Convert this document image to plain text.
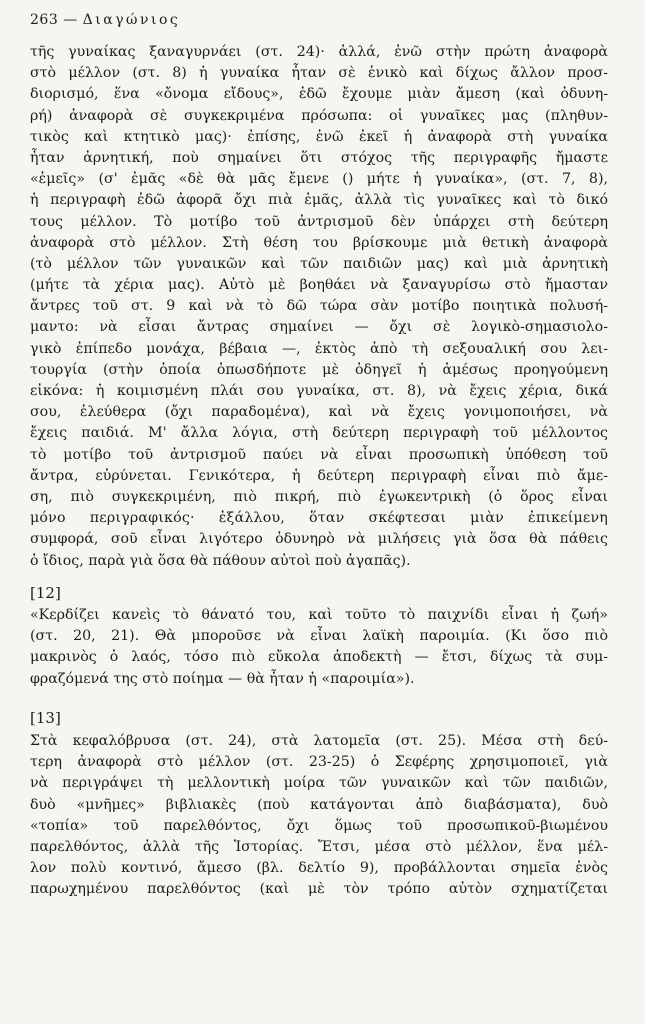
263 — Διαγώνιος
τῆς γυναίκας ξαναγυρνάει (στ. 24)· ἀλλά, ἐνῶ στὴν πρώτη ἀναφορὰ
στὸ μέλλον (στ. 8) ἡ γυναίκα ἦταν σὲ ἑνικὸ καὶ δίχως ἄλλον προσ-
διορισμό, ἕνα «ὄνομα εἴδους», ἐδῶ ἔχουμε μιὰν ἄμεση (καὶ ὀδυνη-
ρή) ἀναφορὰ σὲ συγκεκριμένα πρόσωπα: οἱ γυναῖκες μας (πληθυν-
τικὸς καὶ κτητικὸ μας)· ἐπίσης, ἐνῶ ἐκεῖ ἡ ἀναφορὰ στὴ γυναίκα
ἦταν ἀρνητική, ποὺ σημαίνει ὅτι στόχος τῆς περιγραφῆς ἤμαστε
«ἐμεῖς» (σ' ἐμᾶς «δὲ θὰ μᾶς ἔμενε () μήτε ἡ γυναίκα», (στ. 7, 8),
ἡ περιγραφὴ ἐδῶ ἀφορᾶ ὄχι πιὰ ἐμᾶς, ἀλλὰ τὶς γυναῖκες καὶ τὸ δικό
τους μέλλον. Τὸ μοτίβο τοῦ ἀντρισμοῦ δὲν ὑπάρχει στὴ δεύτερη
ἀναφορὰ στὸ μέλλον. Στὴ θέση του βρίσκουμε μιὰ θετικὴ ἀναφορὰ
(τὸ μέλλον τῶν γυναικῶν καὶ τῶν παιδιῶν μας) καὶ μιὰ ἀρνητικὴ
(μήτε τὰ χέρια μας). Αὐτὸ μὲ βοηθάει νὰ ξαναγυρίσω στὸ ἤμασταν
ἄντρες τοῦ στ. 9 καὶ νὰ τὸ δῶ τώρα σὰν μοτίβο ποιητικὰ πολυσή-
μαντο: νὰ εἶσαι ἄντρας σημαίνει — ὄχι σὲ λογικὸ-σημασιολο-
γικὸ ἐπίπεδο μονάχα, βέβαια —, ἐκτὸς ἀπὸ τὴ σεξουαλική σου λει-
τουργία (στὴν ὁποία ὁπωσδήποτε μὲ ὁδηγεῖ ἡ ἀμέσως προηγούμενη
εἰκόνα: ἡ κοιμισμένη πλάι σου γυναίκα, στ. 8), νὰ ἔχεις χέρια, δικά
σου, ἐλεύθερα (ὄχι παραδομένα), καὶ νὰ ἔχεις γονιμοποιήσει, νὰ
ἔχεις παιδιά. Μ' ἄλλα λόγια, στὴ δεύτερη περιγραφὴ τοῦ μέλλοντος
τὸ μοτίβο τοῦ ἀντρισμοῦ παύει νὰ εἶναι προσωπικὴ ὑπόθεση τοῦ
ἄντρα, εὐρύνεται. Γενικότερα, ἡ δεύτερη περιγραφὴ εἶναι πιὸ ἄμε-
ση, πιὸ συγκεκριμένη, πιὸ πικρή, πιὸ ἐγωκεντρικὴ (ὁ ὅρος εἶναι
μόνο περιγραφικός· ἐξάλλου, ὅταν σκέφτεσαι μιὰν ἐπικείμενη
συμφορά, σοῦ εἶναι λιγότερο ὀδυνηρὸ νὰ μιλήσεις γιὰ ὅσα θὰ πάθεις
ὁ ἴδιος, παρὰ γιὰ ὅσα θὰ πάθουν αὐτοὶ ποὺ ἀγαπᾶς).
[12]
«Κερδίζει κανεὶς τὸ θάνατό του, καὶ τοῦτο τὸ παιχνίδι εἶναι ἡ ζωή»
(στ. 20, 21). Θὰ μποροῦσε νὰ εἶναι λαϊκὴ παροιμία. (Κι ὅσο πιὸ
μακρινὸς ὁ λαός, τόσο πιὸ εὔκολα ἀποδεκτὴ — ἔτσι, δίχως τὰ συμ-
φραζόμενά της στὸ ποίημα — θὰ ἦταν ἡ «παροιμία»).
[13]
Στὰ κεφαλόβρυσα (στ. 24), στὰ λατομεῖα (στ. 25). Μέσα στὴ δεύ-
τερη ἀναφορὰ στὸ μέλλον (στ. 23-25) ὁ Σεφέρης χρησιμοποιεῖ, γιὰ
νὰ περιγράψει τὴ μελλοντικὴ μοίρα τῶν γυναικῶν καὶ τῶν παιδιῶν,
δυὸ «μνῆμες» βιβλιακὲς (ποὺ κατάγονται ἀπὸ διαβάσματα), δυὸ
«τοπία» τοῦ παρελθόντος, ὄχι ὅμως τοῦ προσωπικοῦ-βιωμένου
παρελθόντος, ἀλλὰ τῆς Ἱστορίας. Ἔτσι, μέσα στὸ μέλλον, ἕνα μέλ-
λον πολὺ κοντινό, ἄμεσο (βλ. δελτίο 9), προβάλλονται σημεῖα ἑνὸς
παρωχημένου παρελθόντος (καὶ μὲ τὸν τρόπο αὐτὸν σχηματίζεται
